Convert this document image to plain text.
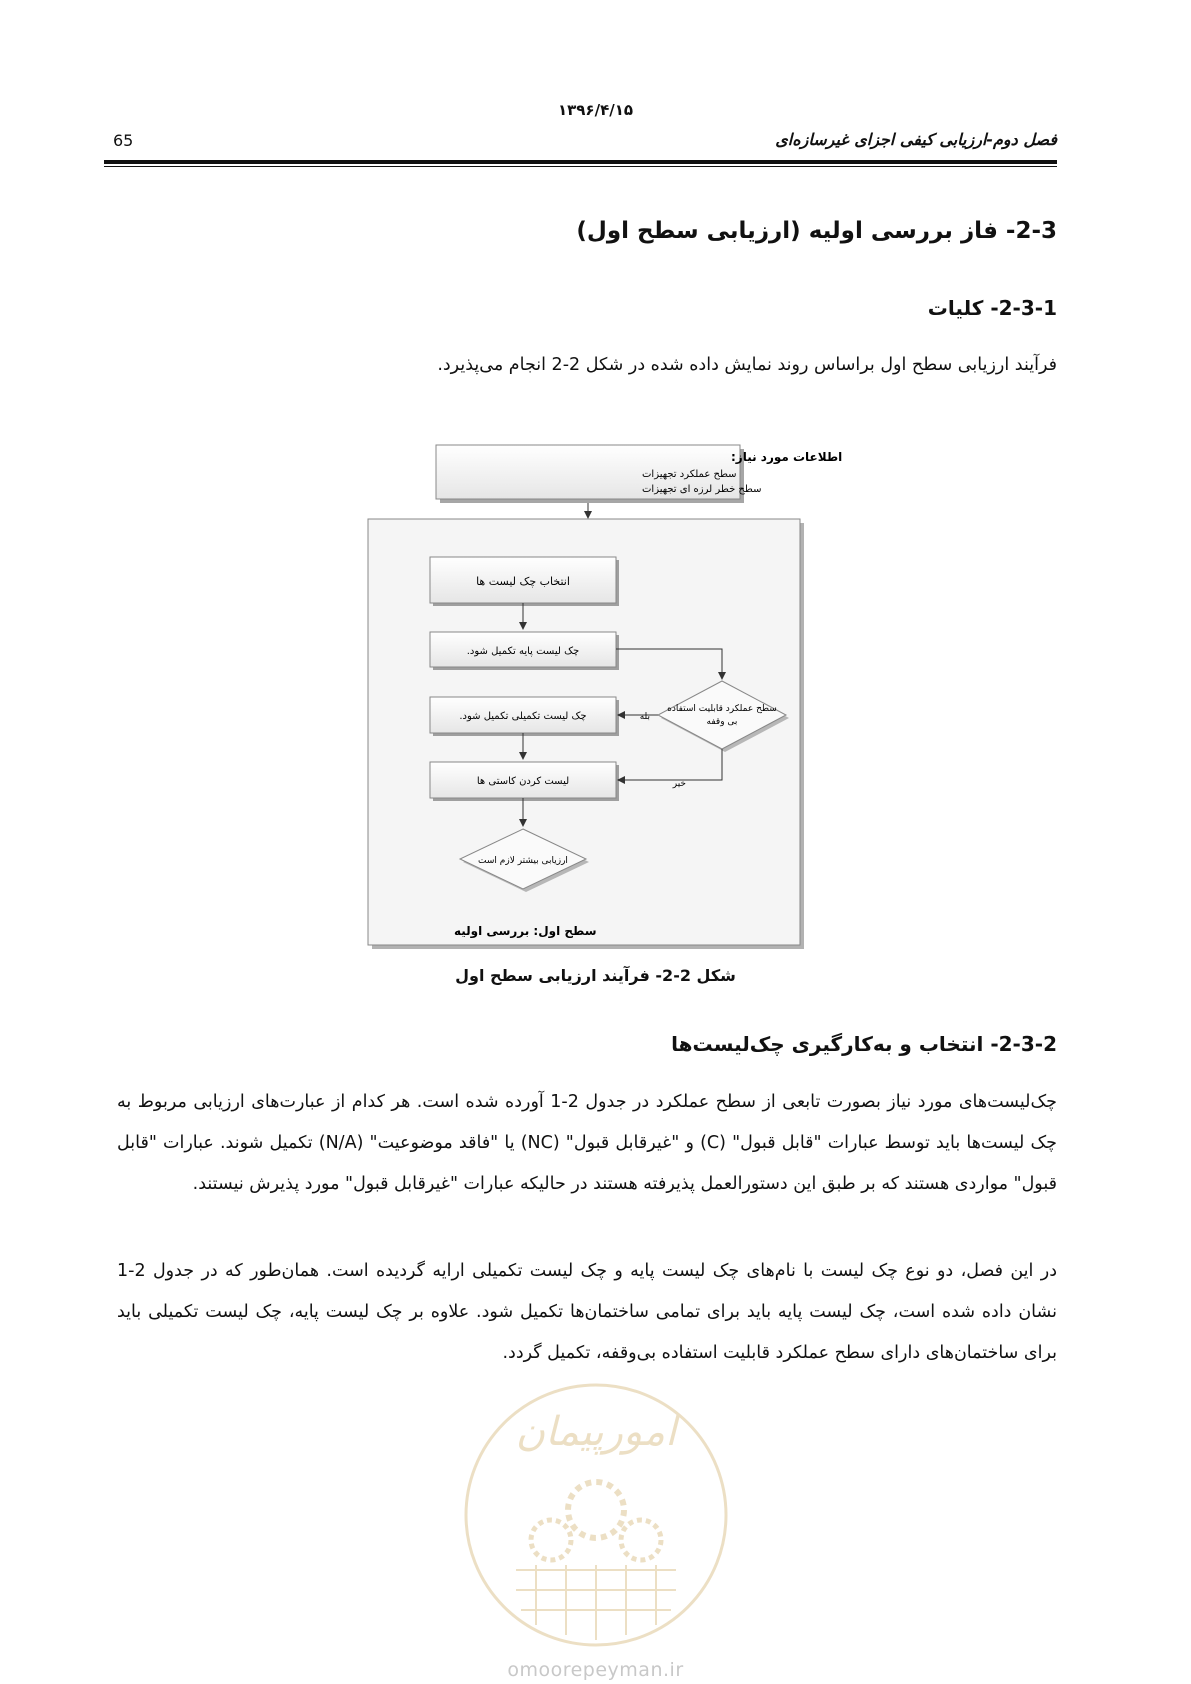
۱۳۹۶/۴/۱۵
65	فصل دوم-ارزیابی کیفی اجزای غیرسازه‌ای
2-3- فاز بررسی اولیه (ارزیابی سطح اول)
2-3-1- کلیات
فرآیند ارزیابی سطح اول براساس روند نمایش داده شده در شکل 2-2 انجام می‌پذیرد.
اطلاعات مورد نیاز:
سطح عملکرد تجهیزات
سطح خطر لرزه ای تجهیزات
سطح اول: بررسی اولیه
انتخاب چک لیست ها
چک لیست پایه تکمیل شود.
سطح عملکرد قابلیت استفاده
بی وقفه
بله
خیر
چک لیست تکمیلی تکمیل شود.
لیست کردن کاستی ها
ارزیابی بیشتر لازم است
شکل 2-2- فرآیند ارزیابی سطح اول
2-3-2- انتخاب و به‌کارگیری چک‌لیست‌ها
چک‌لیست‌های مورد نیاز بصورت تابعی از سطح عملکرد در جدول 2-1 آورده شده است. هر کدام از عبارت‌های ارزیابی مربوط به چک لیست‌ها باید توسط عبارات "قابل قبول" (C) و "غیرقابل قبول" (NC) یا "فاقد موضوعیت" (N/A) تکمیل شوند. عبارات "قابل قبول" مواردی هستند که بر طبق این دستورالعمل پذیرفته هستند در حالیکه عبارات "غیرقابل قبول" مورد پذیرش نیستند.
در این فصل، دو نوع چک لیست با نام‌های چک لیست پایه و چک لیست تکمیلی ارایه گردیده است. همان‌طور که در جدول 2-1 نشان داده شده است، چک لیست پایه باید برای تمامی ساختمان‌ها تکمیل شود. علاوه بر چک لیست پایه، چک لیست تکمیلی باید برای ساختمان‌های دارای سطح عملکرد قابلیت استفاده بی‌وقفه، تکمیل گردد.
امورپیمان
omoorepeyman.ir
